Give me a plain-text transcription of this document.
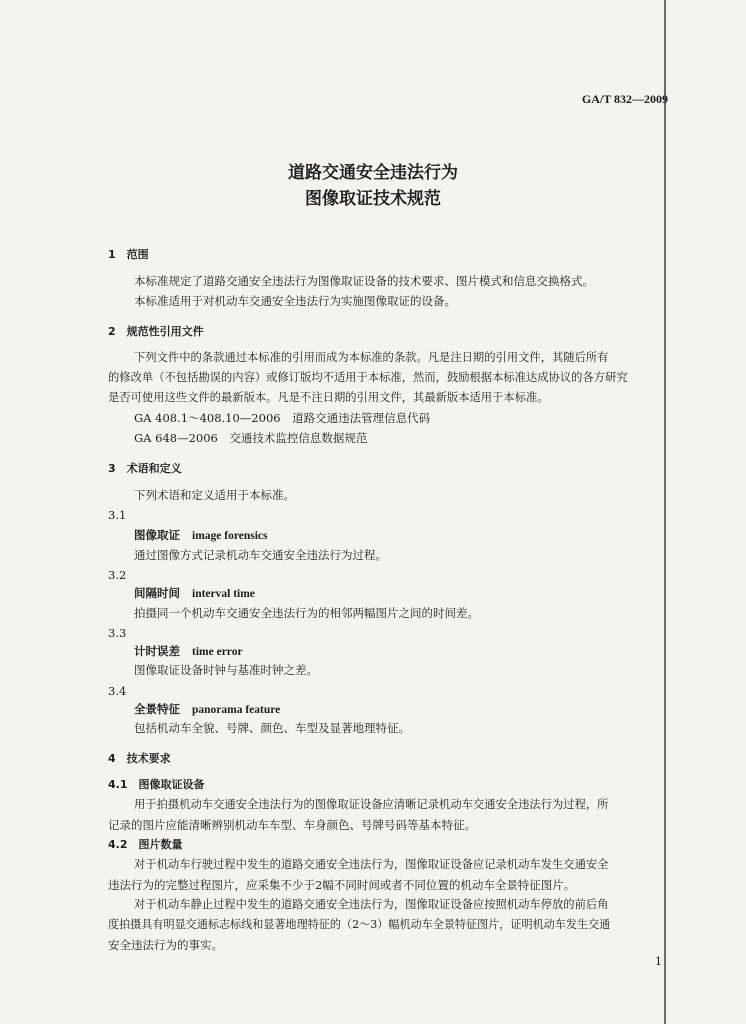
GA/T 832—2009
道路交通安全违法行为
图像取证技术规范
1　范围
本标准规定了道路交通安全违法行为图像取证设备的技术要求、图片模式和信息交换格式。
本标准适用于对机动车交通安全违法行为实施图像取证的设备。
2　规范性引用文件
下列文件中的条款通过本标准的引用而成为本标准的条款。凡是注日期的引用文件，其随后所有
的修改单（不包括勘误的内容）或修订版均不适用于本标准，然而，鼓励根据本标准达成协议的各方研究
是否可使用这些文件的最新版本。凡是不注日期的引用文件，其最新版本适用于本标准。
GA 408.1～408.10—2006　道路交通违法管理信息代码
GA 648—2006　交通技术监控信息数据规范
3　术语和定义
下列术语和定义适用于本标准。
3.1
图像取证 image forensics
通过图像方式记录机动车交通安全违法行为过程。
3.2
间隔时间 interval time
拍摄同一个机动车交通安全违法行为的相邻两幅图片之间的时间差。
3.3
计时误差 time error
图像取证设备时钟与基准时钟之差。
3.4
全景特征 panorama feature
包括机动车全貌、号牌、颜色、车型及显著地理特征。
4　技术要求
4.1　图像取证设备
用于拍摄机动车交通安全违法行为的图像取证设备应清晰记录机动车交通安全违法行为过程，所
记录的图片应能清晰辨别机动车车型、车身颜色、号牌号码等基本特征。
4.2　图片数量
对于机动车行驶过程中发生的道路交通安全违法行为，图像取证设备应记录机动车发生交通安全
违法行为的完整过程图片，应采集不少于2幅不同时间或者不同位置的机动车全景特征图片。
对于机动车静止过程中发生的道路交通安全违法行为，图像取证设备应按照机动车停放的前后角
度拍摄具有明显交通标志标线和显著地理特征的（2～3）幅机动车全景特征图片，证明机动车发生交通
安全违法行为的事实。
1
